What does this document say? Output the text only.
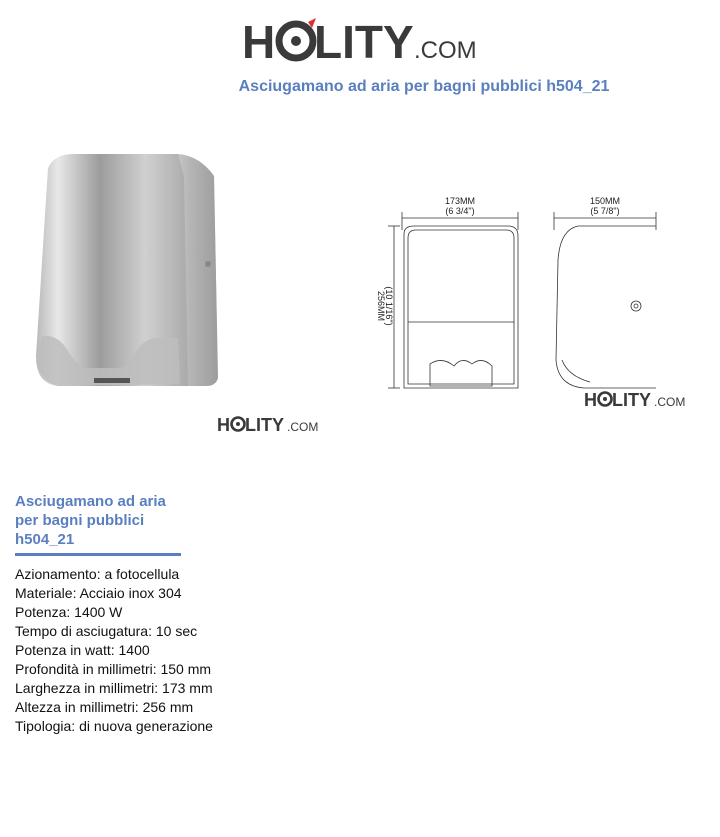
H LITY .COM
Asciugamano ad aria per bagni pubblici h504_21
H LITY .COM
173MM
(6 3/4")
150MM
(5 7/8")
(10 1/16")
256MM
H LITY .COM
Asciugamano ad aria
per bagni pubblici
h504_21
Azionamento: a fotocellula
Materiale: Acciaio inox 304
Potenza: 1400 W
Tempo di asciugatura: 10 sec
Potenza in watt: 1400
Profondità in millimetri: 150 mm
Larghezza in millimetri: 173 mm
Altezza in millimetri: 256 mm
Tipologia: di nuova generazione
